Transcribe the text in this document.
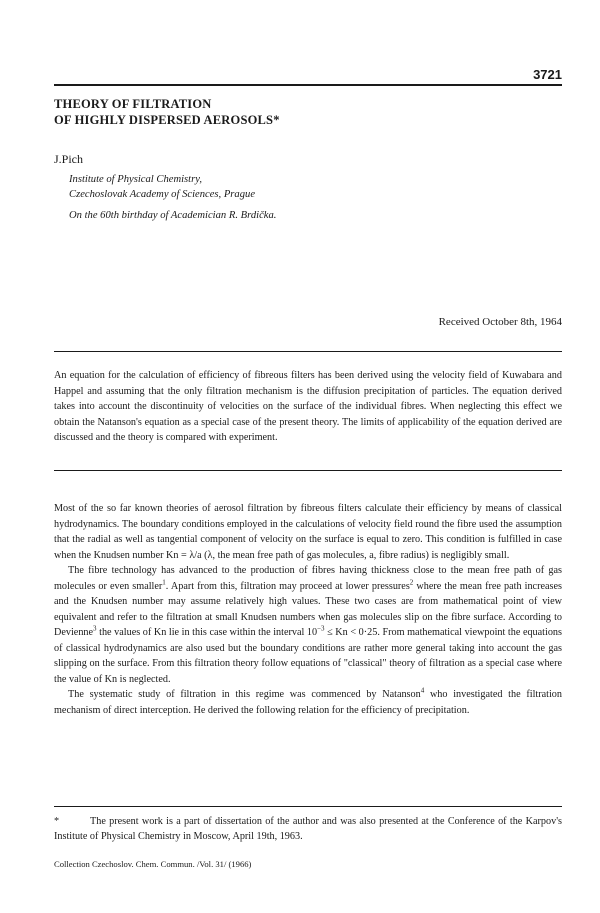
3721
THEORY OF FILTRATION
OF HIGHLY DISPERSED AEROSOLS*
J.Pich
Institute of Physical Chemistry,
Czechoslovak Academy of Sciences, Prague
On the 60th birthday of Academician R. Brdička.
Received October 8th, 1964
An equation for the calculation of efficiency of fibreous filters has been derived using the velocity field of Kuwabara and Happel and assuming that the only filtration mechanism is the diffusion precipitation of particles. The equation derived takes into account the discontinuity of velocities on the surface of the individual fibres. When neglecting this effect we obtain the Natanson's equation as a special case of the present theory. The limits of applicability of the equation derived are discussed and the theory is compared with experiment.

Most of the so far known theories of aerosol filtration by fibreous filters calculate their efficiency by means of classical hydrodynamics. The boundary conditions employed in the calculations of velocity field round the fibre used the assumption that the radial as well as tangential component of velocity on the surface is equal to zero. This condition is fulfilled in case when the Knudsen number Kn = λ/a (λ, the mean free path of gas molecules, a, fibre radius) is negligibly small.

The fibre technology has advanced to the production of fibres having thickness close to the mean free path of gas molecules or even smaller$^1$. Apart from this, filtration may proceed at lower pressures$^2$ where the mean free path increases and the Knudsen number may assume relatively high values. These two cases are from mathematical point of view equivalent and refer to the filtration at small Knudsen numbers when gas molecules slip on the fibre surface. According to Devienne$^3$ the values of Kn lie in this case within the interval $10^{-3} \le Kn < 0\cdot 25$. From mathematical viewpoint the equations of classical hydrodynamics are also used but the boundary conditions are rather more general taking into account the gas slipping on the surface. From this filtration theory follow equations of "classical" theory of filtration as a special case where the value of Kn is neglected.

The systematic study of filtration in this regime was commenced by Natanson$^4$ who investigated the filtration mechanism of direct interception. He derived the following relation for the efficiency of precipitation.

*	The present work is a part of dissertation of the author and was also presented at the Conference of the Karpov's Institute of Physical Chemistry in Moscow, April 19th, 1963.
Collection Czechoslov. Chem. Commun. /Vol. 31/ (1966)
